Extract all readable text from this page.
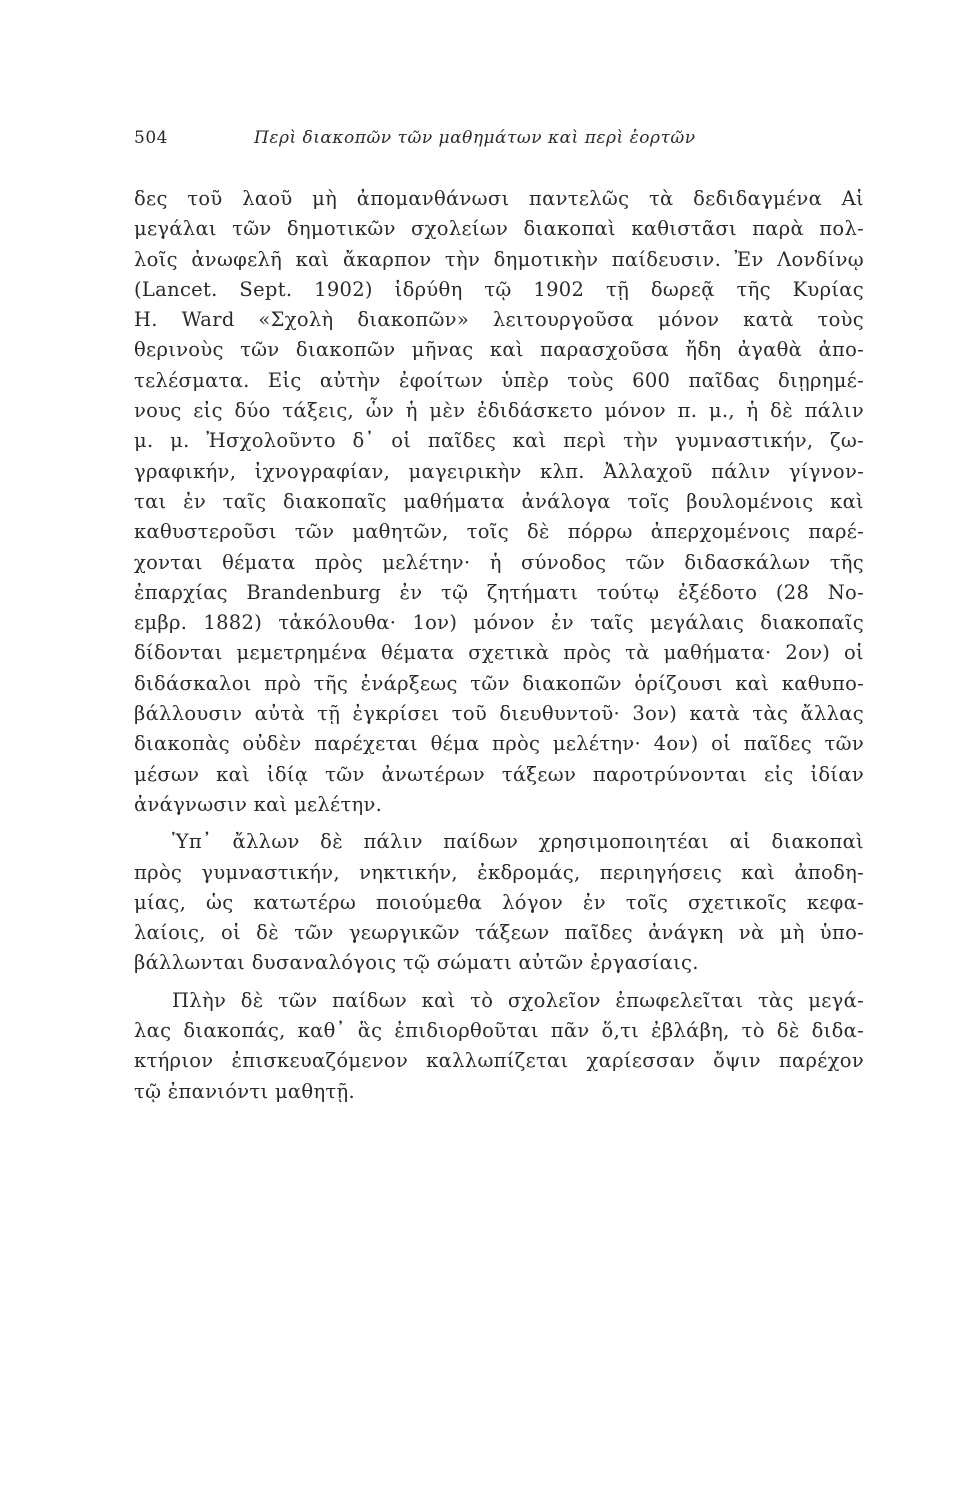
504	Περὶ διακοπῶν τῶν μαθημάτων καὶ περὶ ἑορτῶν
δες τοῦ λαοῦ μὴ ἀπομανθάνωσι παντελῶς τὰ δεδιδαγμένα Αἱ
μεγάλαι τῶν δημοτικῶν σχολείων διακοπαὶ καθιστᾶσι παρὰ πολ-
λοῖς ἀνωφελῆ καὶ ἄκαρπον τὴν δημοτικὴν παίδευσιν. Ἐν Λονδίνῳ
(Lancet. Sept. 1902) ἱδρύθη τῷ 1902 τῇ δωρεᾷ τῆς Κυρίας
H. Ward «Σχολὴ διακοπῶν» λειτουργοῦσα μόνον κατὰ τοὺς
θερινοὺς τῶν διακοπῶν μῆνας καὶ παρασχοῦσα ἤδη ἀγαθὰ ἀπο-
τελέσματα. Εἰς αὐτὴν ἐφοίτων ὑπὲρ τοὺς 600 παῖδας διῃρημέ-
νους εἰς δύο τάξεις, ὧν ἡ μὲν ἐδιδάσκετο μόνον π. μ., ἡ δὲ πάλιν
μ. μ. Ἠσχολοῦντο δ᾽ οἱ παῖδες καὶ περὶ τὴν γυμναστικήν, ζω-
γραφικήν, ἰχνογραφίαν, μαγειρικὴν κλπ. Ἀλλαχοῦ πάλιν γίγνον-
ται ἐν ταῖς διακοπαῖς μαθήματα ἀνάλογα τοῖς βουλομένοις καὶ
καθυστεροῦσι τῶν μαθητῶν, τοῖς δὲ πόρρω ἀπερχομένοις παρέ-
χονται θέματα πρὸς μελέτην· ἡ σύνοδος τῶν διδασκάλων τῆς
ἐπαρχίας Brandenburg ἐν τῷ ζητήματι τούτῳ ἐξέδοτο (28 No-
εμβρ. 1882) τἀκόλουθα· 1ον) μόνον ἐν ταῖς μεγάλαις διακοπαῖς
δίδονται μεμετρημένα θέματα σχετικὰ πρὸς τὰ μαθήματα· 2ον) οἱ
διδάσκαλοι πρὸ τῆς ἐνάρξεως τῶν διακοπῶν ὁρίζουσι καὶ καθυπο-
βάλλουσιν αὐτὰ τῇ ἐγκρίσει τοῦ διευθυντοῦ· 3ον) κατὰ τὰς ἄλλας
διακοπὰς οὐδὲν παρέχεται θέμα πρὸς μελέτην· 4ον) οἱ παῖδες τῶν
μέσων καὶ ἰδίᾳ τῶν ἀνωτέρων τάξεων παροτρύνονται εἰς ἰδίαν
ἀνάγνωσιν καὶ μελέτην.
Ὑπ᾽ ἄλλων δὲ πάλιν παίδων χρησιμοποιητέαι αἱ διακοπαὶ
πρὸς γυμναστικήν, νηκτικήν, ἐκδρομάς, περιηγήσεις καὶ ἀποδη-
μίας, ὡς κατωτέρω ποιούμεθα λόγον ἐν τοῖς σχετικοῖς κεφα-
λαίοις, οἱ δὲ τῶν γεωργικῶν τάξεων παῖδες ἀνάγκη νὰ μὴ ὑπο-
βάλλωνται δυσαναλόγοις τῷ σώματι αὐτῶν ἐργασίαις.
Πλὴν δὲ τῶν παίδων καὶ τὸ σχολεῖον ἐπωφελεῖται τὰς μεγά-
λας διακοπάς, καθ᾽ ἃς ἐπιδιορθοῦται πᾶν ὅ,τι ἐβλάβη, τὸ δὲ διδα-
κτήριον ἐπισκευαζόμενον καλλωπίζεται χαρίεσσαν ὄψιν παρέχον
τῷ ἐπανιόντι μαθητῇ.
